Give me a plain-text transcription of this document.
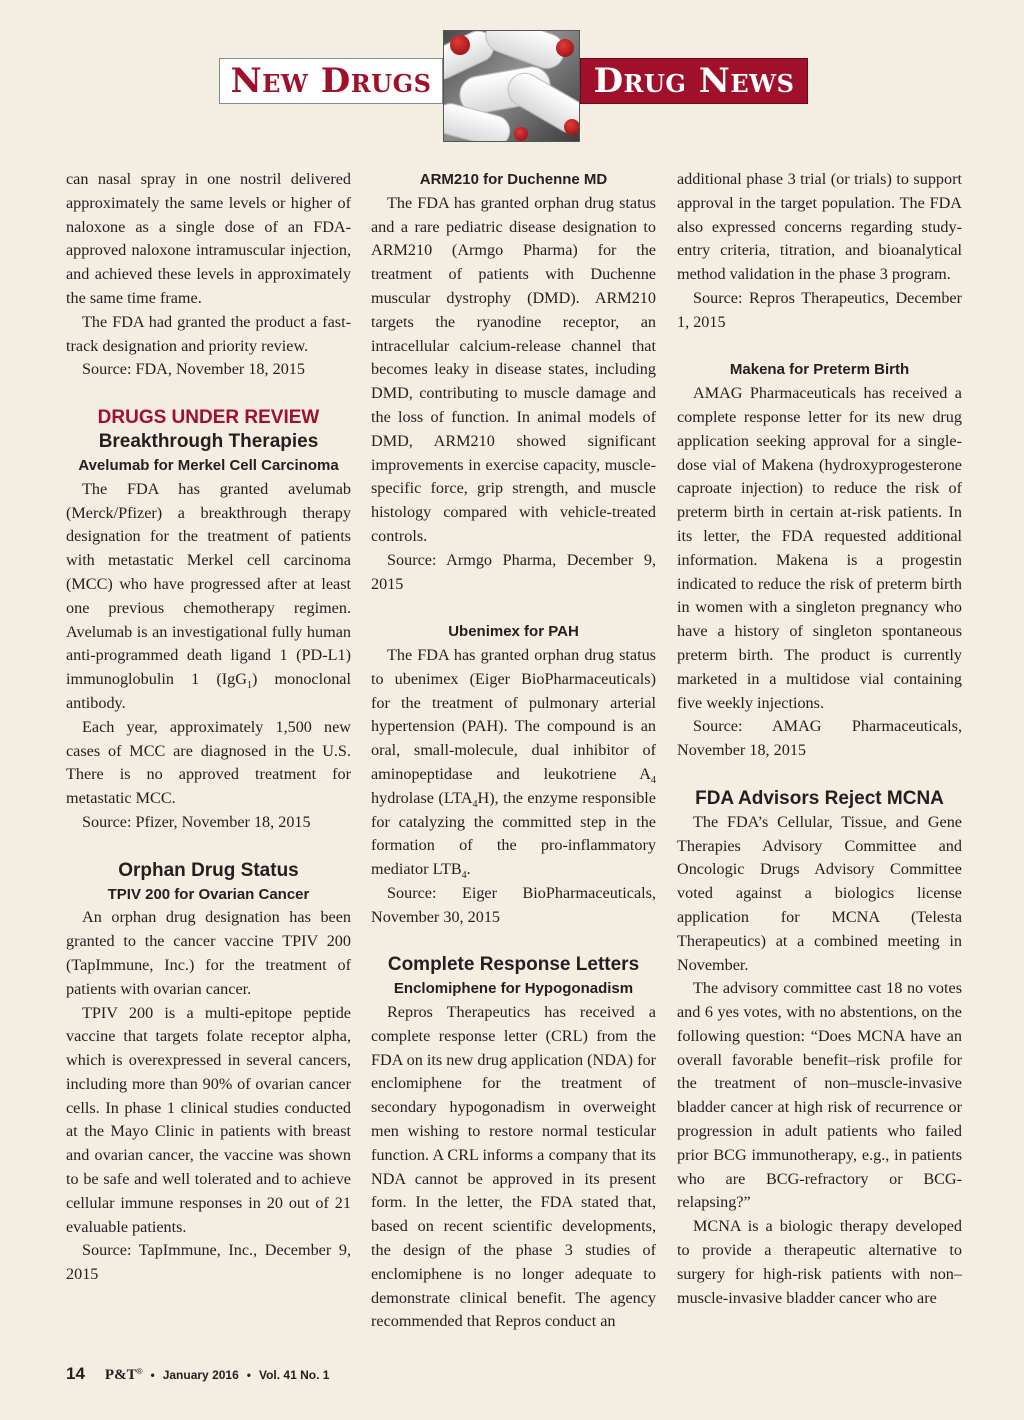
New Drugs	Drug News

can nasal spray in one nostril delivered approximately the same levels or higher of naloxone as a single dose of an FDA-approved naloxone intramuscular injection, and achieved these levels in approximately the same time frame.

The FDA had granted the product a fast-track designation and priority review.

Source: FDA, November 18, 2015

DRUGS UNDER REVIEW
Breakthrough Therapies
Avelumab for Merkel Cell Carcinoma

The FDA has granted avelumab (Merck/Pfizer) a breakthrough therapy designation for the treatment of patients with metastatic Merkel cell carcinoma (MCC) who have progressed after at least one previous chemotherapy regimen. Avelumab is an investigational fully human anti-programmed death ligand 1 (PD-L1) immunoglobulin 1 (IgG$_1$) monoclonal antibody.

Each year, approximately 1,500 new cases of MCC are diagnosed in the U.S. There is no approved treatment for metastatic MCC.

Source: Pfizer, November 18, 2015

Orphan Drug Status
TPIV 200 for Ovarian Cancer

An orphan drug designation has been granted to the cancer vaccine TPIV 200 (TapImmune, Inc.) for the treatment of patients with ovarian cancer.

TPIV 200 is a multi-epitope peptide vaccine that targets folate receptor alpha, which is overexpressed in several cancers, including more than 90% of ovarian cancer cells. In phase 1 clinical studies conducted at the Mayo Clinic in patients with breast and ovarian cancer, the vaccine was shown to be safe and well tolerated and to achieve cellular immune responses in 20 out of 21 evaluable patients.

Source: TapImmune, Inc., December 9, 2015

ARM210 for Duchenne MD

The FDA has granted orphan drug status and a rare pediatric disease designation to ARM210 (Armgo Pharma) for the treatment of patients with Duchenne muscular dystrophy (DMD). ARM210 targets the ryanodine receptor, an intracellular calcium-release channel that becomes leaky in disease states, including DMD, contributing to muscle damage and the loss of function. In animal models of DMD, ARM210 showed significant improvements in exercise capacity, muscle-specific force, grip strength, and muscle histology compared with vehicle-treated controls.

Source: Armgo Pharma, December 9, 2015

Ubenimex for PAH

The FDA has granted orphan drug status to ubenimex (Eiger BioPharmaceuticals) for the treatment of pulmonary arterial hypertension (PAH). The compound is an oral, small-molecule, dual inhibitor of aminopeptidase and leukotriene $A_4$ hydrolase $(LTA_4H)$, the enzyme responsible for catalyzing the committed step in the formation of the pro-inflammatory mediator $LTB_4$.

Source: Eiger BioPharmaceuticals, November 30, 2015

Complete Response Letters
Enclomiphene for Hypogonadism

Repros Therapeutics has received a complete response letter (CRL) from the FDA on its new drug application (NDA) for enclomiphene for the treatment of secondary hypogonadism in overweight men wishing to restore normal testicular function. A CRL informs a company that its NDA cannot be approved in its present form. In the letter, the FDA stated that, based on recent scientific developments, the design of the phase 3 studies of enclomiphene is no longer adequate to demonstrate clinical benefit. The agency recommended that Repros conduct an

additional phase 3 trial (or trials) to support approval in the target population. The FDA also expressed concerns regarding study-entry criteria, titration, and bioanalytical method validation in the phase 3 program.

Source: Repros Therapeutics, December 1, 2015

Makena for Preterm Birth

AMAG Pharmaceuticals has received a complete response letter for its new drug application seeking approval for a single-dose vial of Makena (hydroxyprogesterone caproate injection) to reduce the risk of preterm birth in certain at-risk patients. In its letter, the FDA requested additional information. Makena is a progestin indicated to reduce the risk of preterm birth in women with a singleton pregnancy who have a history of singleton spontaneous preterm birth. The product is currently marketed in a multidose vial containing five weekly injections.

Source: AMAG Pharmaceuticals, November 18, 2015

FDA Advisors Reject MCNA

The FDA’s Cellular, Tissue, and Gene Therapies Advisory Committee and Oncologic Drugs Advisory Committee voted against a biologics license application for MCNA (Telesta Therapeutics) at a combined meeting in November.

The advisory committee cast 18 no votes and 6 yes votes, with no abstentions, on the following question: “Does MCNA have an overall favorable benefit–risk profile for the treatment of non–muscle-invasive bladder cancer at high risk of recurrence or progression in adult patients who failed prior BCG immunotherapy, e.g., in patients who are BCG-refractory or BCG-relapsing?”

MCNA is a biologic therapy developed to provide a therapeutic alternative to surgery for high-risk patients with non–muscle-invasive bladder cancer who are

14 P&T® • January 2016 • Vol. 41 No. 1
